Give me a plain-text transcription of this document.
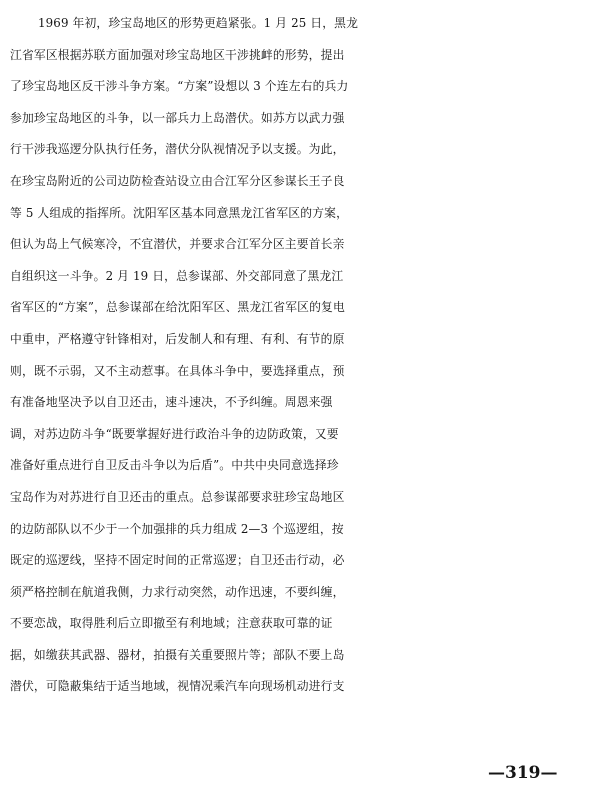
1969 年初，珍宝岛地区的形势更趋紧张。1 月 25 日，黑龙
江省军区根据苏联方面加强对珍宝岛地区干涉挑衅的形势，提出
了珍宝岛地区反干涉斗争方案。“方案”设想以 3 个连左右的兵力
参加珍宝岛地区的斗争，以一部兵力上岛潜伏。如苏方以武力强
行干涉我巡逻分队执行任务，潜伏分队视情况予以支援。为此，
在珍宝岛附近的公司边防检查站设立由合江军分区参谋长王子良
等 5 人组成的指挥所。沈阳军区基本同意黑龙江省军区的方案，
但认为岛上气候寒冷，不宜潜伏，并要求合江军分区主要首长亲
自组织这一斗争。2 月 19 日，总参谋部、外交部同意了黑龙江
省军区的“方案”，总参谋部在给沈阳军区、黑龙江省军区的复电
中重申，严格遵守针锋相对，后发制人和有理、有利、有节的原
则，既不示弱，又不主动惹事。在具体斗争中，要选择重点，预
有准备地坚决予以自卫还击，速斗速决，不予纠缠。周恩来强
调，对苏边防斗争“既要掌握好进行政治斗争的边防政策，又要
准备好重点进行自卫反击斗争以为后盾”。中共中央同意选择珍
宝岛作为对苏进行自卫还击的重点。总参谋部要求驻珍宝岛地区
的边防部队以不少于一个加强排的兵力组成 2—3 个巡逻组，按
既定的巡逻线，坚持不固定时间的正常巡逻；自卫还击行动，必
须严格控制在航道我侧，力求行动突然，动作迅速，不要纠缠，
不要恋战，取得胜利后立即撤至有利地域；注意获取可靠的证
据，如缴获其武器、器材，拍摄有关重要照片等；部队不要上岛
潜伏，可隐蔽集结于适当地域，视情况乘汽车向现场机动进行支
—319—
